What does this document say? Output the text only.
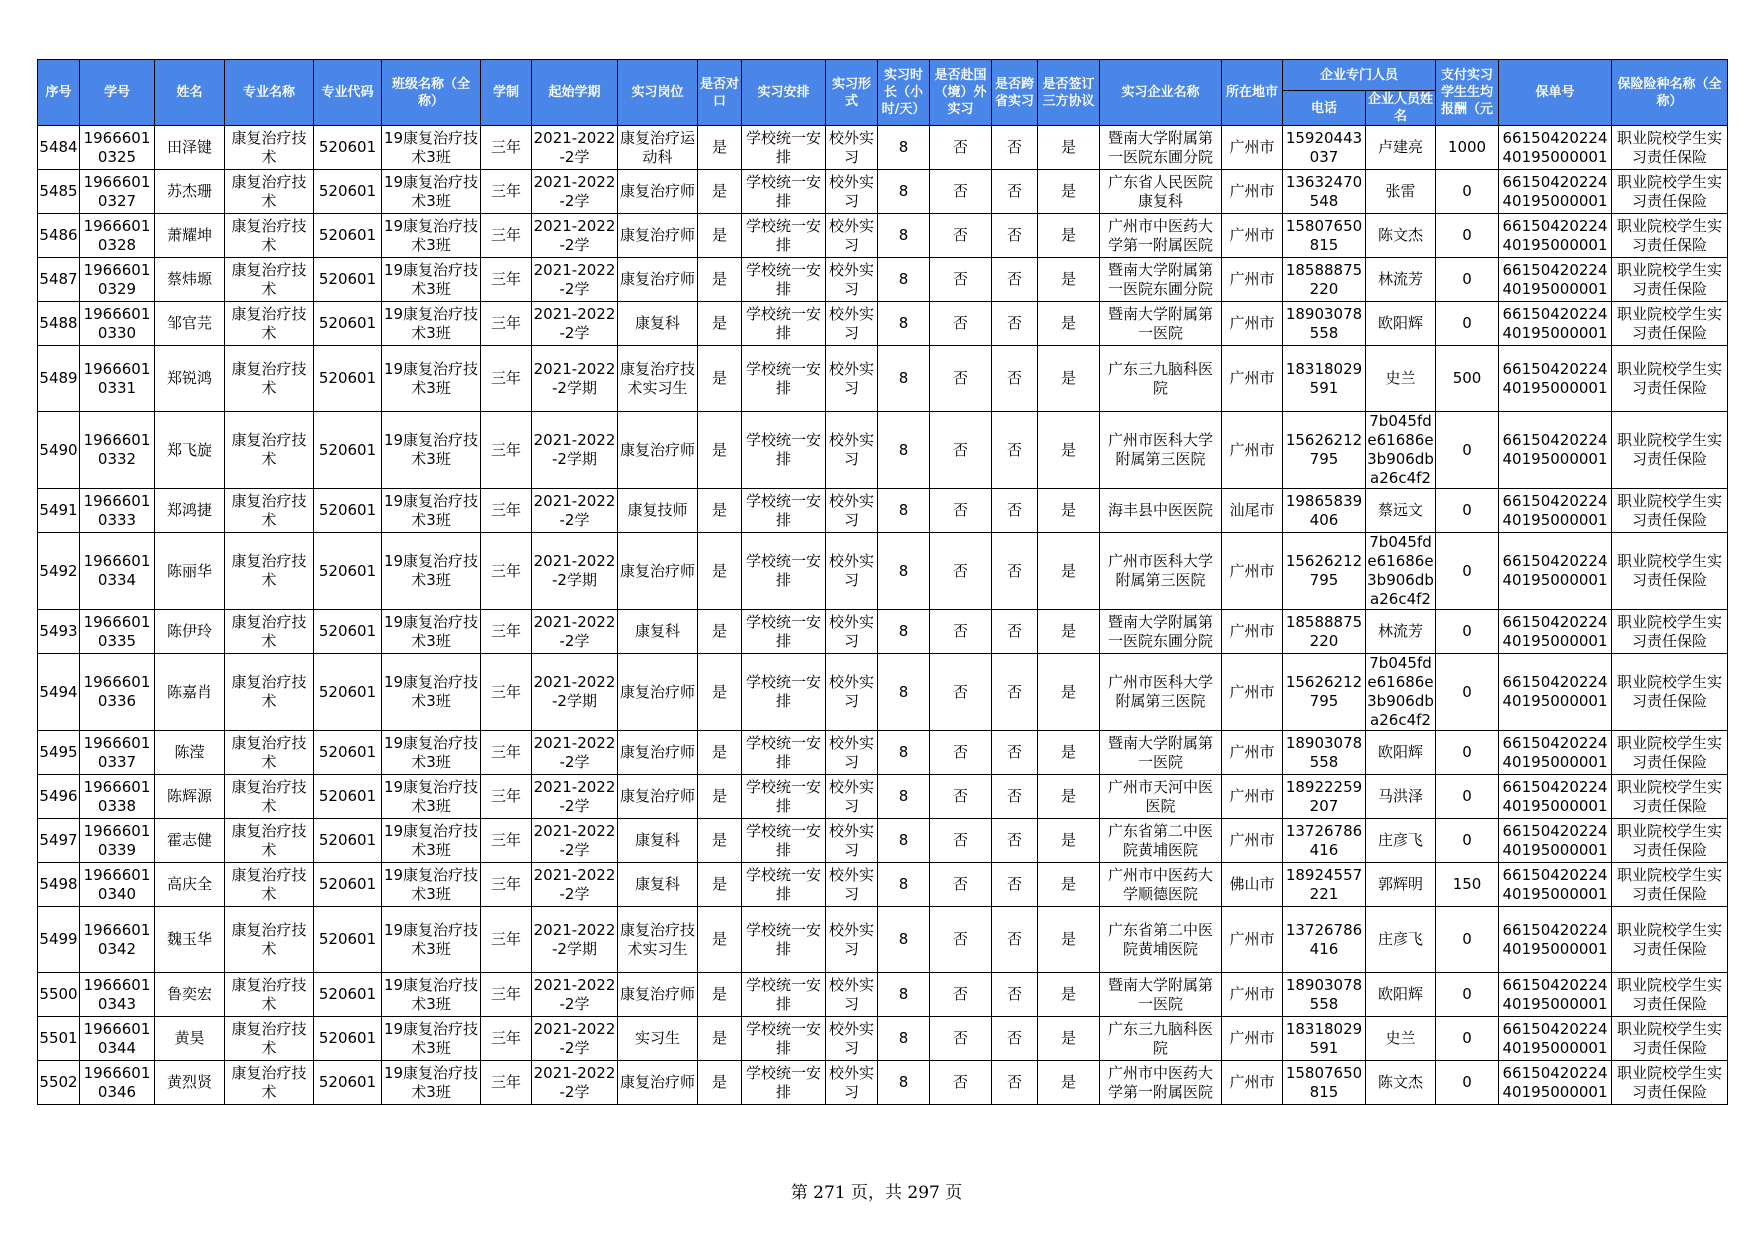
序号	学号	姓名	专业名称	专业代码	班级名称（全称）	学制	起始学期	实习岗位	是否对口	实习安排	实习形式	实习时长（小时/天）	是否赴国（境）外实习	是否跨省实习	是否签订三方协议	实习企业名称	所在地市	企业专门人员		支付实习学生生均报酬（元	保单号	保险险种名称（全称）
																		电话	企业人员姓名			
5484	19666010325	田泽键	康复治疗技术	520601	19康复治疗技术3班	三年	2021-2022-2学	康复治疗运动科	是	学校统一安排	校外实习	8	否	否	是	暨南大学附属第一医院东圃分院	广州市	15920443037	卢建亮	1000	6615042022440195000001	职业院校学生实习责任保险
5485	19666010327	苏杰珊	康复治疗技术	520601	19康复治疗技术3班	三年	2021-2022-2学	康复治疗师	是	学校统一安排	校外实习	8	否	否	是	广东省人民医院康复科	广州市	13632470548	张雷	0	6615042022440195000001	职业院校学生实习责任保险
5486	19666010328	萧耀坤	康复治疗技术	520601	19康复治疗技术3班	三年	2021-2022-2学	康复治疗师	是	学校统一安排	校外实习	8	否	否	是	广州市中医药大学第一附属医院	广州市	15807650815	陈文杰	0	6615042022440195000001	职业院校学生实习责任保险
5487	19666010329	蔡炜塬	康复治疗技术	520601	19康复治疗技术3班	三年	2021-2022-2学	康复治疗师	是	学校统一安排	校外实习	8	否	否	是	暨南大学附属第一医院东圃分院	广州市	18588875220	林流芳	0	6615042022440195000001	职业院校学生实习责任保险
5488	19666010330	邹官芫	康复治疗技术	520601	19康复治疗技术3班	三年	2021-2022-2学	康复科	是	学校统一安排	校外实习	8	否	否	是	暨南大学附属第一医院	广州市	18903078558	欧阳辉	0	6615042022440195000001	职业院校学生实习责任保险
5489	19666010331	郑锐鸿	康复治疗技术	520601	19康复治疗技术3班	三年	2021-2022-2学期	康复治疗技术实习生	是	学校统一安排	校外实习	8	否	否	是	广东三九脑科医院	广州市	18318029591	史兰	500	6615042022440195000001	职业院校学生实习责任保险
5490	19666010332	郑飞旋	康复治疗技术	520601	19康复治疗技术3班	三年	2021-2022-2学期	康复治疗师	是	学校统一安排	校外实习	8	否	否	是	广州市医科大学附属第三医院	广州市	15626212795	7b045fde61686e3b906dba26c4f2	0	6615042022440195000001	职业院校学生实习责任保险
5491	19666010333	郑鸿捷	康复治疗技术	520601	19康复治疗技术3班	三年	2021-2022-2学	康复技师	是	学校统一安排	校外实习	8	否	否	是	海丰县中医医院	汕尾市	19865839406	蔡远文	0	6615042022440195000001	职业院校学生实习责任保险
5492	19666010334	陈丽华	康复治疗技术	520601	19康复治疗技术3班	三年	2021-2022-2学期	康复治疗师	是	学校统一安排	校外实习	8	否	否	是	广州市医科大学附属第三医院	广州市	15626212795	7b045fde61686e3b906dba26c4f2	0	6615042022440195000001	职业院校学生实习责任保险
5493	19666010335	陈伊玲	康复治疗技术	520601	19康复治疗技术3班	三年	2021-2022-2学	康复科	是	学校统一安排	校外实习	8	否	否	是	暨南大学附属第一医院东圃分院	广州市	18588875220	林流芳	0	6615042022440195000001	职业院校学生实习责任保险
5494	19666010336	陈嘉肖	康复治疗技术	520601	19康复治疗技术3班	三年	2021-2022-2学期	康复治疗师	是	学校统一安排	校外实习	8	否	否	是	广州市医科大学附属第三医院	广州市	15626212795	7b045fde61686e3b906dba26c4f2	0	6615042022440195000001	职业院校学生实习责任保险
5495	19666010337	陈滢	康复治疗技术	520601	19康复治疗技术3班	三年	2021-2022-2学	康复治疗师	是	学校统一安排	校外实习	8	否	否	是	暨南大学附属第一医院	广州市	18903078558	欧阳辉	0	6615042022440195000001	职业院校学生实习责任保险
5496	19666010338	陈辉源	康复治疗技术	520601	19康复治疗技术3班	三年	2021-2022-2学	康复治疗师	是	学校统一安排	校外实习	8	否	否	是	广州市天河中医医院	广州市	18922259207	马洪泽	0	6615042022440195000001	职业院校学生实习责任保险
5497	19666010339	霍志健	康复治疗技术	520601	19康复治疗技术3班	三年	2021-2022-2学	康复科	是	学校统一安排	校外实习	8	否	否	是	广东省第二中医院黄埔医院	广州市	13726786416	庄彦飞	0	6615042022440195000001	职业院校学生实习责任保险
5498	19666010340	高庆全	康复治疗技术	520601	19康复治疗技术3班	三年	2021-2022-2学	康复科	是	学校统一安排	校外实习	8	否	否	是	广州市中医药大学顺德医院	佛山市	18924557221	郭辉明	150	6615042022440195000001	职业院校学生实习责任保险
5499	19666010342	魏玉华	康复治疗技术	520601	19康复治疗技术3班	三年	2021-2022-2学期	康复治疗技术实习生	是	学校统一安排	校外实习	8	否	否	是	广东省第二中医院黄埔医院	广州市	13726786416	庄彦飞	0	6615042022440195000001	职业院校学生实习责任保险
5500	19666010343	鲁奕宏	康复治疗技术	520601	19康复治疗技术3班	三年	2021-2022-2学	康复治疗师	是	学校统一安排	校外实习	8	否	否	是	暨南大学附属第一医院	广州市	18903078558	欧阳辉	0	6615042022440195000001	职业院校学生实习责任保险
5501	19666010344	黄昊	康复治疗技术	520601	19康复治疗技术3班	三年	2021-2022-2学	实习生	是	学校统一安排	校外实习	8	否	否	是	广东三九脑科医院	广州市	18318029591	史兰	0	6615042022440195000001	职业院校学生实习责任保险
5502	19666010346	黄烈贤	康复治疗技术	520601	19康复治疗技术3班	三年	2021-2022-2学	康复治疗师	是	学校统一安排	校外实习	8	否	否	是	广州市中医药大学第一附属医院	广州市	15807650815	陈文杰	0	6615042022440195000001	职业院校学生实习责任保险
第 271 页，共 297 页
